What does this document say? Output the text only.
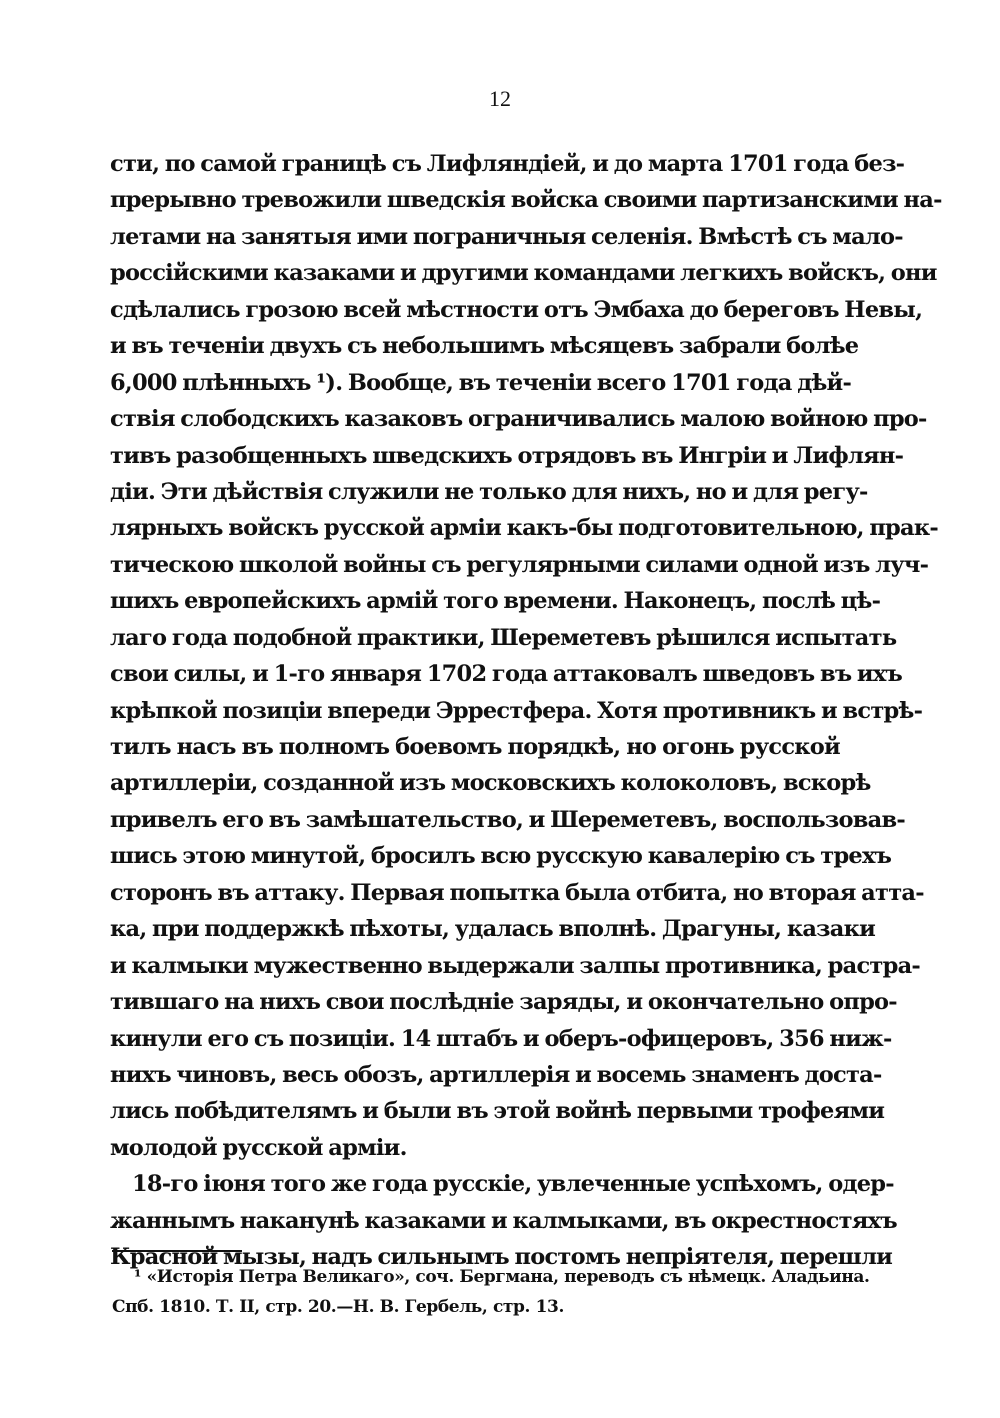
12
сти, по самой границѣ съ Лифляндіей, и до марта 1701 года без-
прерывно тревожили шведскія войска своими партизанскими на-
летами на занятыя ими пограничныя селенія. Вмѣстѣ съ мало-
россійскими казаками и другими командами легкихъ войскъ, они
сдѣлались грозою всей мѣстности отъ Эмбаха до береговъ Невы,
и въ теченіи двухъ съ небольшимъ мѣсяцевъ забрали болѣе
6,000 плѣнныхъ ¹). Вообще, въ теченіи всего 1701 года дѣй-
ствія слободскихъ казаковъ ограничивались малою войною про-
тивъ разобщенныхъ шведскихъ отрядовъ въ Ингріи и Лифлян-
діи. Эти дѣйствія служили не только для нихъ, но и для регу-
лярныхъ войскъ русской арміи какъ-бы подготовительною, прак-
тическою школой войны съ регулярными силами одной изъ луч-
шихъ европейскихъ армій того времени. Наконецъ, послѣ цѣ-
лаго года подобной практики, Шереметевъ рѣшился испытать
свои силы, и 1-го января 1702 года аттаковалъ шведовъ въ ихъ
крѣпкой позиціи впереди Эррестфера. Хотя противникъ и встрѣ-
тилъ насъ въ полномъ боевомъ порядкѣ, но огонь русской
артиллеріи, созданной изъ московскихъ колоколовъ, вскорѣ
привелъ его въ замѣшательство, и Шереметевъ, воспользовав-
шись этою минутой, бросилъ всю русскую кавалерію съ трехъ
сторонъ въ аттаку. Первая попытка была отбита, но вторая атта-
ка, при поддержкѣ пѣхоты, удалась вполнѣ. Драгуны, казаки
и калмыки мужественно выдержали залпы противника, растра-
тившаго на нихъ свои послѣдніе заряды, и окончательно опро-
кинули его съ позиціи. 14 штабъ и оберъ-офицеровъ, 356 ниж-
нихъ чиновъ, весь обозъ, артиллерія и восемь знаменъ доста-
лись побѣдителямъ и были въ этой войнѣ первыми трофеями
молодой русской арміи.
18-го іюня того же года русскіе, увлеченные успѣхомъ, одер-
жаннымъ наканунѣ казаками и калмыками, въ окрестностяхъ
Красной мызы, надъ сильнымъ постомъ непріятеля, перешли
¹ «Исторія Петра Великаго», соч. Бергмана, переводъ съ нѣмецк. Аладьина.
Спб. 1810. Т. II, стр. 20.—Н. В. Гербель, стр. 13.
